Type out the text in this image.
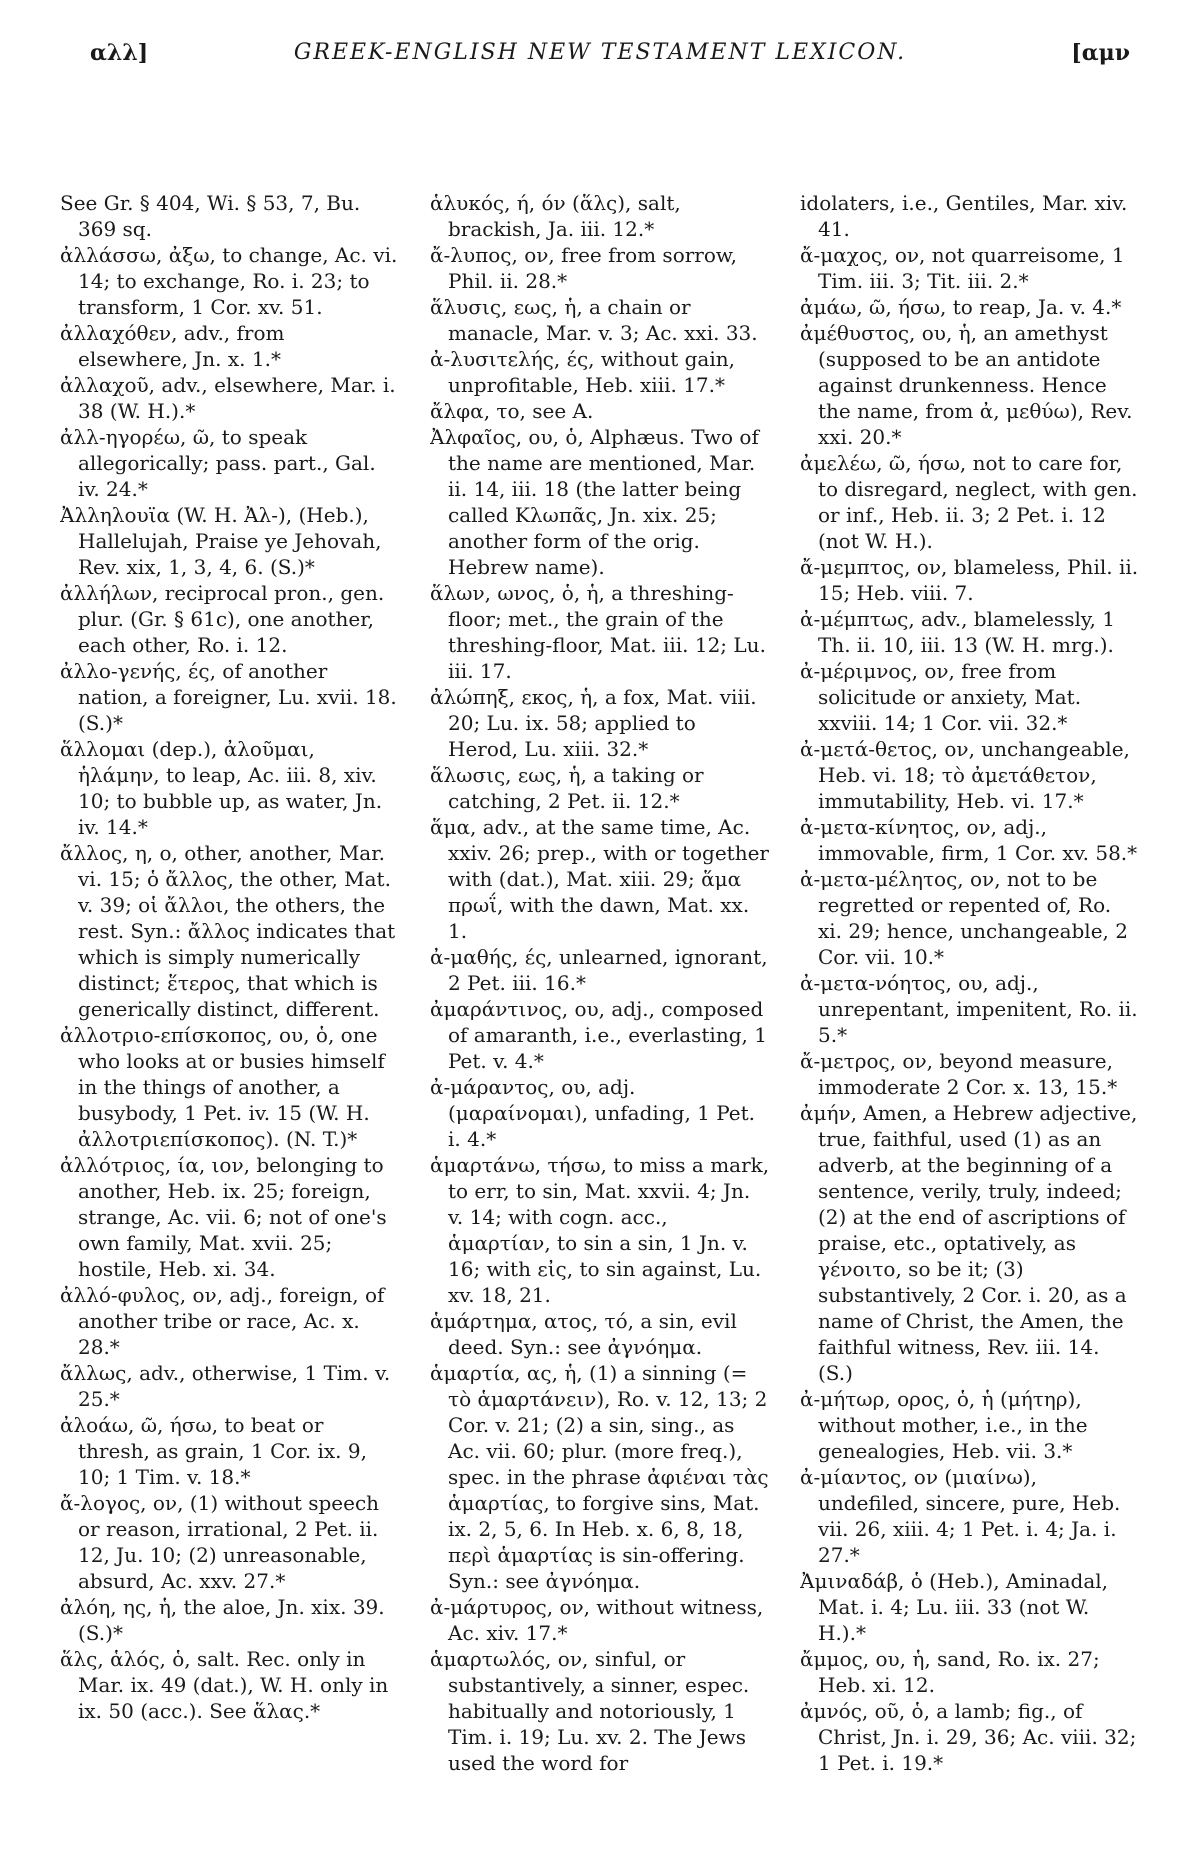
αλλ]	GREEK-ENGLISH NEW TESTAMENT LEXICON.	[αμν

See Gr. § 404, Wi. § 53, 7, Bu. 369 sq.

ἀλλάσσω, ἀξω, to change, Ac. vi. 14; to exchange, Ro. i. 23; to transform, 1 Cor. xv. 51.

ἀλλαχόθεν, adv., from elsewhere, Jn. x. 1.*

ἀλλαχοῦ, adv., elsewhere, Mar. i. 38 (W. H.).*

ἀλλ-ηγορέω, ῶ, to speak allegorically; pass. part., Gal. iv. 24.*

Ἀλληλουϊα (W. H. Ἀλ-), (Heb.), Hallelujah, Praise ye Jehovah, Rev. xix, 1, 3, 4, 6. (S.)*

ἀλλήλων, reciprocal pron., gen. plur. (Gr. § 61c), one another, each other, Ro. i. 12.

ἀλλο-γενής, ές, of another nation, a foreigner, Lu. xvii. 18. (S.)*

ἅλλομαι (dep.), ἀλοῦμαι, ἡλάμην, to leap, Ac. iii. 8, xiv. 10; to bubble up, as water, Jn. iv. 14.*

ἄλλος, η, ο, other, another, Mar. vi. 15; ὁ ἄλλος, the other, Mat. v. 39; οἱ ἄλλοι, the others, the rest. Syn.: ἄλλος indicates that which is simply numerically distinct; ἕτερος, that which is generically distinct, different.

ἀλλοτριο-επίσκοπος, ου, ὁ, one who looks at or busies himself in the things of another, a busybody, 1 Pet. iv. 15 (W. H. ἀλλοτριεπίσκοπος). (N. T.)*

ἀλλότριος, ία, ιον, belonging to another, Heb. ix. 25; foreign, strange, Ac. vii. 6; not of one's own family, Mat. xvii. 25; hostile, Heb. xi. 34.

ἀλλό-φυλος, ον, adj., foreign, of another tribe or race, Ac. x. 28.*

ἄλλως, adv., otherwise, 1 Tim. v. 25.*

ἀλοάω, ῶ, ήσω, to beat or thresh, as grain, 1 Cor. ix. 9, 10; 1 Tim. v. 18.*

ἄ-λογος, ον, (1) without speech or reason, irrational, 2 Pet. ii. 12, Ju. 10; (2) unreasonable, absurd, Ac. xxv. 27.*

ἀλόη, ης, ἡ, the aloe, Jn. xix. 39. (S.)*

ἅλς, ἁλός, ὁ, salt. Rec. only in Mar. ix. 49 (dat.), W. H. only in ix. 50 (acc.). See ἅλας.*

ἁλυκός, ή, όν (ἅλς), salt, brackish, Ja. iii. 12.*

ἄ-λυπος, ον, free from sorrow, Phil. ii. 28.*

ἅλυσις, εως, ἡ, a chain or manacle, Mar. v. 3; Ac. xxi. 33.

ἀ-λυσιτελής, ές, without gain, unprofitable, Heb. xiii. 17.*

ἄλφα, το, see Α.

Ἀλφαῖος, ου, ὁ, Alphæus. Two of the name are mentioned, Mar. ii. 14, iii. 18 (the latter being called Κλωπᾶς, Jn. xix. 25; another form of the orig. Hebrew name).

ἅλων, ωνος, ὁ, ἡ, a threshing-floor; met., the grain of the threshing-floor, Mat. iii. 12; Lu. iii. 17.

ἀλώπηξ, εκος, ἡ, a fox, Mat. viii. 20; Lu. ix. 58; applied to Herod, Lu. xiii. 32.*

ἅλωσις, εως, ἡ, a taking or catching, 2 Pet. ii. 12.*

ἅμα, adv., at the same time, Ac. xxiv. 26; prep., with or together with (dat.), Mat. xiii. 29; ἅμα πρωΐ, with the dawn, Mat. xx. 1.

ἀ-μαθής, ές, unlearned, ignorant, 2 Pet. iii. 16.*

ἀμαράντινος, ου, adj., composed of amaranth, i.e., everlasting, 1 Pet. v. 4.*

ἀ-μάραντος, ου, adj. (μαραίνομαι), unfading, 1 Pet. i. 4.*

ἁμαρτάνω, τήσω, to miss a mark, to err, to sin, Mat. xxvii. 4; Jn. v. 14; with cogn. acc., ἁμαρτίαν, to sin a sin, 1 Jn. v. 16; with εἰς, to sin against, Lu. xv. 18, 21.

ἁμάρτημα, ατος, τό, a sin, evil deed. Syn.: see ἀγνόημα.

ἁμαρτία, ας, ἡ, (1) a sinning (= τὸ ἁμαρτάνειν), Ro. v. 12, 13; 2 Cor. v. 21; (2) a sin, sing., as Ac. vii. 60; plur. (more freq.), spec. in the phrase ἀφιέναι τὰς ἁμαρτίας, to forgive sins, Mat. ix. 2, 5, 6. In Heb. x. 6, 8, 18, περὶ ἁμαρτίας is sin-offering. Syn.: see ἀγνόημα.

ἀ-μάρτυρος, ον, without witness, Ac. xiv. 17.*

ἁμαρτωλός, ον, sinful, or substantively, a sinner, espec. habitually and notoriously, 1 Tim. i. 19; Lu. xv. 2. The Jews used the word for

idolaters, i.e., Gentiles, Mar. xiv. 41.

ἄ-μαχος, ον, not quarreisome, 1 Tim. iii. 3; Tit. iii. 2.*

ἀμάω, ῶ, ήσω, to reap, Ja. v. 4.*

ἀμέθυστος, ου, ἡ, an amethyst (supposed to be an antidote against drunkenness. Hence the name, from ἀ, μεθύω), Rev. xxi. 20.*

ἀμελέω, ῶ, ήσω, not to care for, to disregard, neglect, with gen. or inf., Heb. ii. 3; 2 Pet. i. 12 (not W. H.).

ἄ-μεμπτος, ον, blameless, Phil. ii. 15; Heb. viii. 7.

ἀ-μέμπτως, adv., blamelessly, 1 Th. ii. 10, iii. 13 (W. H. mrg.).

ἀ-μέριμνος, ον, free from solicitude or anxiety, Mat. xxviii. 14; 1 Cor. vii. 32.*

ἀ-μετά-θετος, ον, unchangeable, Heb. vi. 18; τὸ ἀμετάθετον, immutability, Heb. vi. 17.*

ἀ-μετα-κίνητος, ον, adj., immovable, firm, 1 Cor. xv. 58.*

ἀ-μετα-μέλητος, ον, not to be regretted or repented of, Ro. xi. 29; hence, unchangeable, 2 Cor. vii. 10.*

ἀ-μετα-νόητος, ου, adj., unrepentant, impenitent, Ro. ii. 5.*

ἄ-μετρος, ον, beyond measure, immoderate 2 Cor. x. 13, 15.*

ἀμήν, Amen, a Hebrew adjective, true, faithful, used (1) as an adverb, at the beginning of a sentence, verily, truly, indeed; (2) at the end of ascriptions of praise, etc., optatively, as γένοιτο, so be it; (3) substantively, 2 Cor. i. 20, as a name of Christ, the Amen, the faithful witness, Rev. iii. 14. (S.)

ἀ-μήτωρ, ορος, ὁ, ἡ (μήτηρ), without mother, i.e., in the genealogies, Heb. vii. 3.*

ἀ-μίαντος, ον (μιαίνω), undefiled, sincere, pure, Heb. vii. 26, xiii. 4; 1 Pet. i. 4; Ja. i. 27.*

Ἀμιναδάβ, ὁ (Heb.), Aminadal, Mat. i. 4; Lu. iii. 33 (not W. H.).*

ἄμμος, ου, ἡ, sand, Ro. ix. 27; Heb. xi. 12.

ἀμνός, οῦ, ὁ, a lamb; fig., of Christ, Jn. i. 29, 36; Ac. viii. 32; 1 Pet. i. 19.*
